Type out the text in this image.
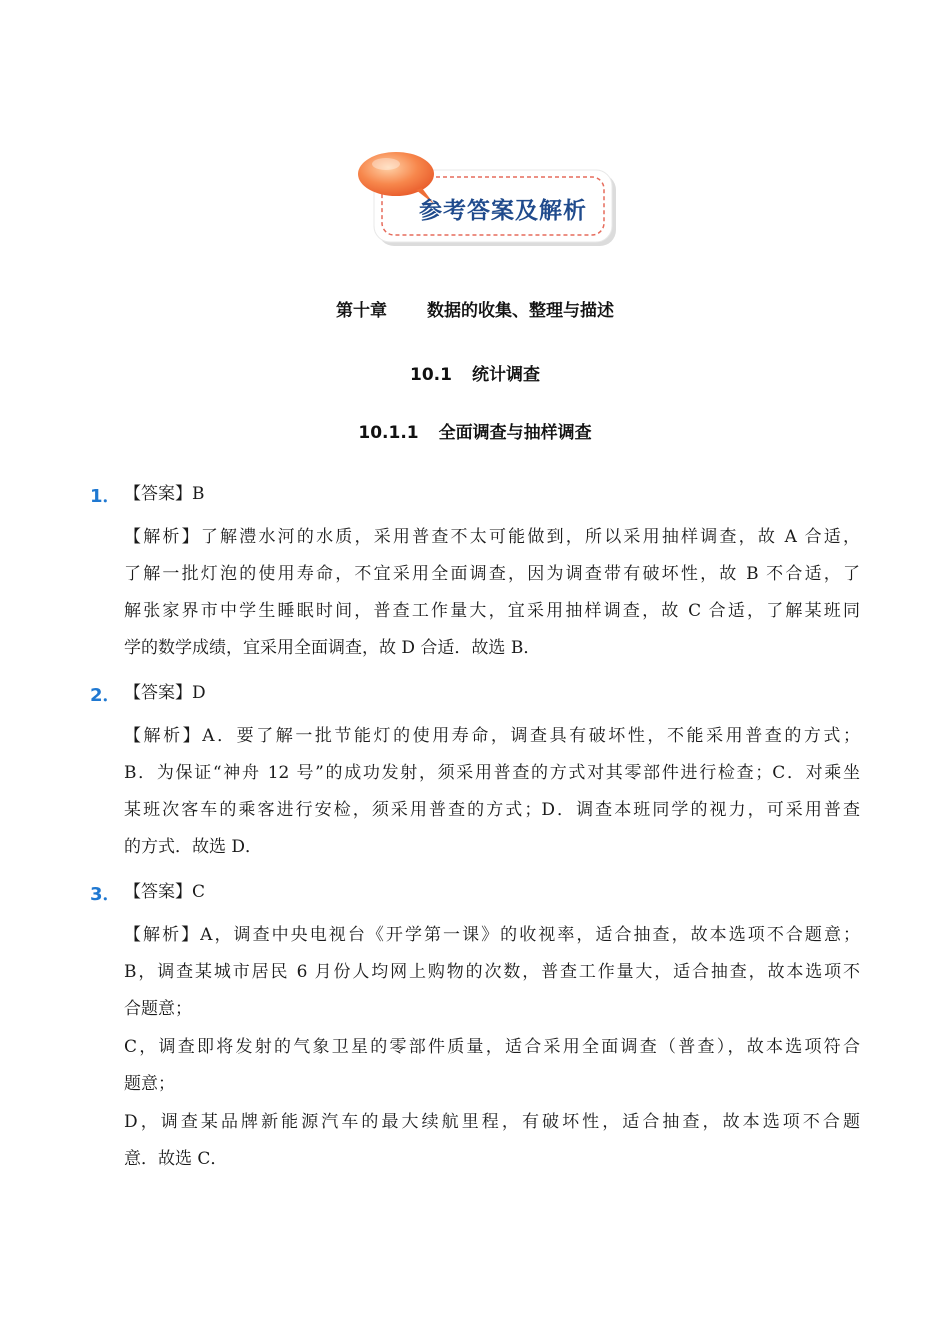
参考答案及解析
第十章 数据的收集、整理与描述
10.1 统计调查
10.1.1 全面调查与抽样调查
1． 【答案】B
【解析】了解澧水河的水质，采用普查不太可能做到，所以采用抽样调查，故 A 合适，
了解一批灯泡的使用寿命，不宜采用全面调查，因为调查带有破坏性，故 B 不合适，了
解张家界市中学生睡眠时间，普查工作量大，宜采用抽样调查，故 C 合适，了解某班同
学的数学成绩，宜采用全面调查，故 D 合适．故选 B．
2． 【答案】D
【解析】A．要了解一批节能灯的使用寿命，调查具有破坏性，不能采用普查的方式；
B．为保证“神舟 12 号”的成功发射，须采用普查的方式对其零部件进行检查；C．对乘坐
某班次客车的乘客进行安检，须采用普查的方式；D．调查本班同学的视力，可采用普查
的方式．故选 D．
3． 【答案】C
【解析】A，调查中央电视台《开学第一课》的收视率，适合抽查，故本选项不合题意；
B，调查某城市居民 6 月份人均网上购物的次数，普查工作量大，适合抽查，故本选项不
合题意；
C，调查即将发射的气象卫星的零部件质量，适合采用全面调查（普查），故本选项符合
题意；
D，调查某品牌新能源汽车的最大续航里程，有破坏性，适合抽查，故本选项不合题
意．故选 C．
